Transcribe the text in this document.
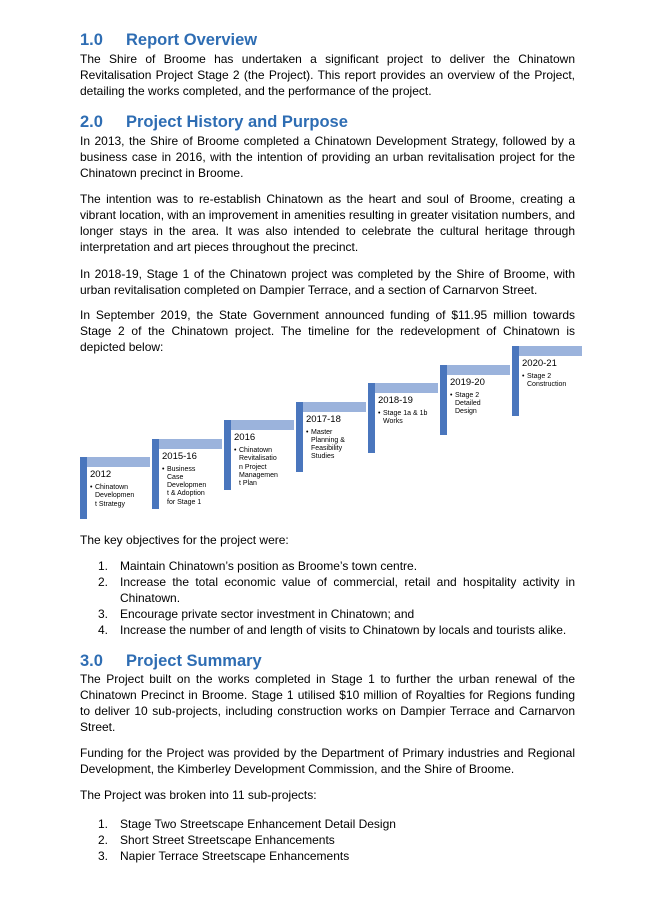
1.0 Report Overview

The Shire of Broome has undertaken a significant project to deliver the Chinatown Revitalisation Project Stage 2 (the Project). This report provides an overview of the Project, detailing the works completed, and the performance of the project.

2.0 Project History and Purpose

In 2013, the Shire of Broome completed a Chinatown Development Strategy, followed by a business case in 2016, with the intention of providing an urban revitalisation project for the Chinatown precinct in Broome.

The intention was to re-establish Chinatown as the heart and soul of Broome, creating a vibrant location, with an improvement in amenities resulting in greater visitation numbers, and longer stays in the area. It was also intended to celebrate the cultural heritage through interpretation and art pieces throughout the precinct.

In 2018-19, Stage 1 of the Chinatown project was completed by the Shire of Broome, with urban revitalisation completed on Dampier Terrace, and a section of Carnarvon Street.

In September 2019, the State Government announced funding of $11.95 million towards Stage 2 of the Chinatown project. The timeline for the redevelopment of Chinatown is depicted below:

2012
• Chinatown
Developmen
t Strategy
2015-16
• Business
Case
Developmen
t & Adoption
for Stage 1
2016
• Chinatown
Revitalisatio
n Project
Managemen
t Plan
2017-18
• Master
Planning &
Feasibility
Studies
2018-19
• Stage 1a & 1b
Works
2019-20
• Stage 2
Detailed
Design
2020-21
• Stage 2
Construction

The key objectives for the project were:

1. Maintain Chinatown’s position as Broome’s town centre.
2. Increase the total economic value of commercial, retail and hospitality activity in Chinatown.
3. Encourage private sector investment in Chinatown; and
4. Increase the number of and length of visits to Chinatown by locals and tourists alike.
3.0 Project Summary

The Project built on the works completed in Stage 1 to further the urban renewal of the Chinatown Precinct in Broome. Stage 1 utilised $10 million of Royalties for Regions funding to deliver 10 sub-projects, including construction works on Dampier Terrace and Carnarvon Street.

Funding for the Project was provided by the Department of Primary industries and Regional Development, the Kimberley Development Commission, and the Shire of Broome.

The Project was broken into 11 sub-projects:

1. Stage Two Streetscape Enhancement Detail Design
2. Short Street Streetscape Enhancements
3. Napier Terrace Streetscape Enhancements
